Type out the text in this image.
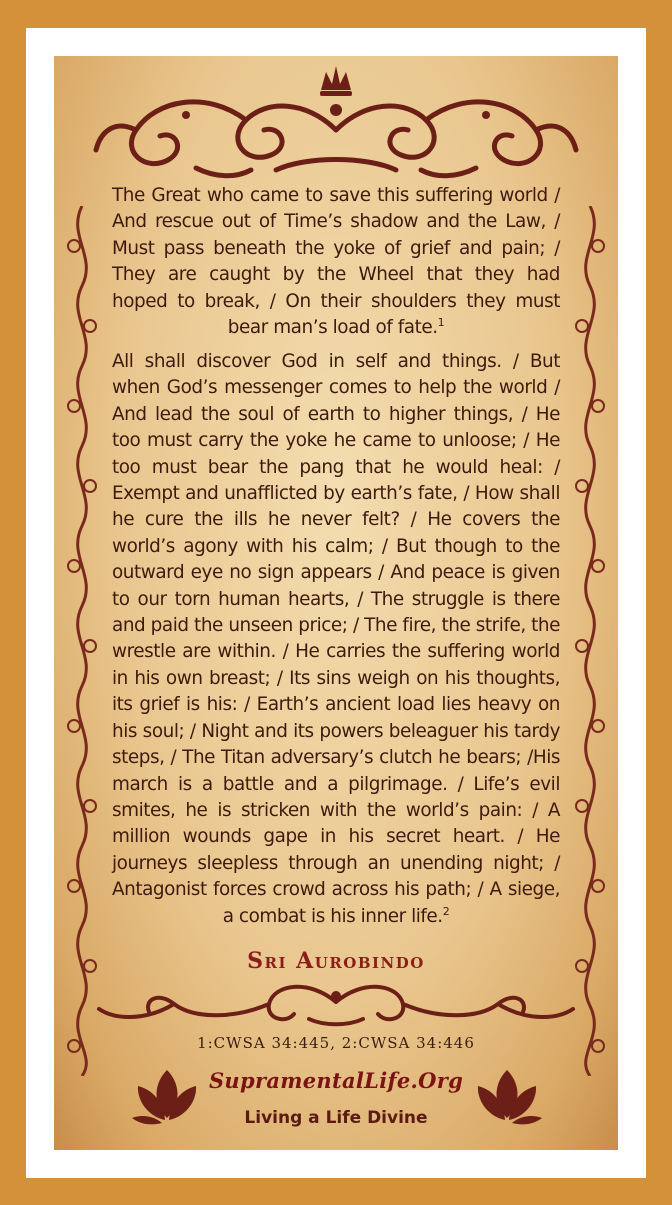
The Great who came to save this suffering world / And rescue out of Time’s shadow and the Law, / Must pass beneath the yoke of grief and pain; / They are caught by the Wheel that they had hoped to break, / On their shoulders they must bear man’s load of fate.$^1$
All shall discover God in self and things. / But when God’s messenger comes to help the world / And lead the soul of earth to higher things, / He too must carry the yoke he came to unloose; / He too must bear the pang that he would heal: / Exempt and unafflicted by earth’s fate, / How shall he cure the ills he never felt? / He covers the world’s agony with his calm; / But though to the outward eye no sign appears / And peace is given to our torn human hearts, / The struggle is there and paid the unseen price; / The fire, the strife, the wrestle are within. / He carries the suffering world in his own breast; / Its sins weigh on his thoughts, its grief is his: / Earth’s ancient load lies heavy on his soul; / Night and its powers beleaguer his tardy steps, / The Titan adversary’s clutch he bears; /His march is a battle and a pilgrimage. / Life’s evil smites, he is stricken with the world’s pain: / A million wounds gape in his secret heart. / He journeys sleepless through an unending night; / Antagonist forces crowd across his path; / A siege, a combat is his inner life.$^2$
Sri Aurobindo
1:CWSA 34:445, 2:CWSA 34:446
SupramentalLife.Org
Living a Life Divine
